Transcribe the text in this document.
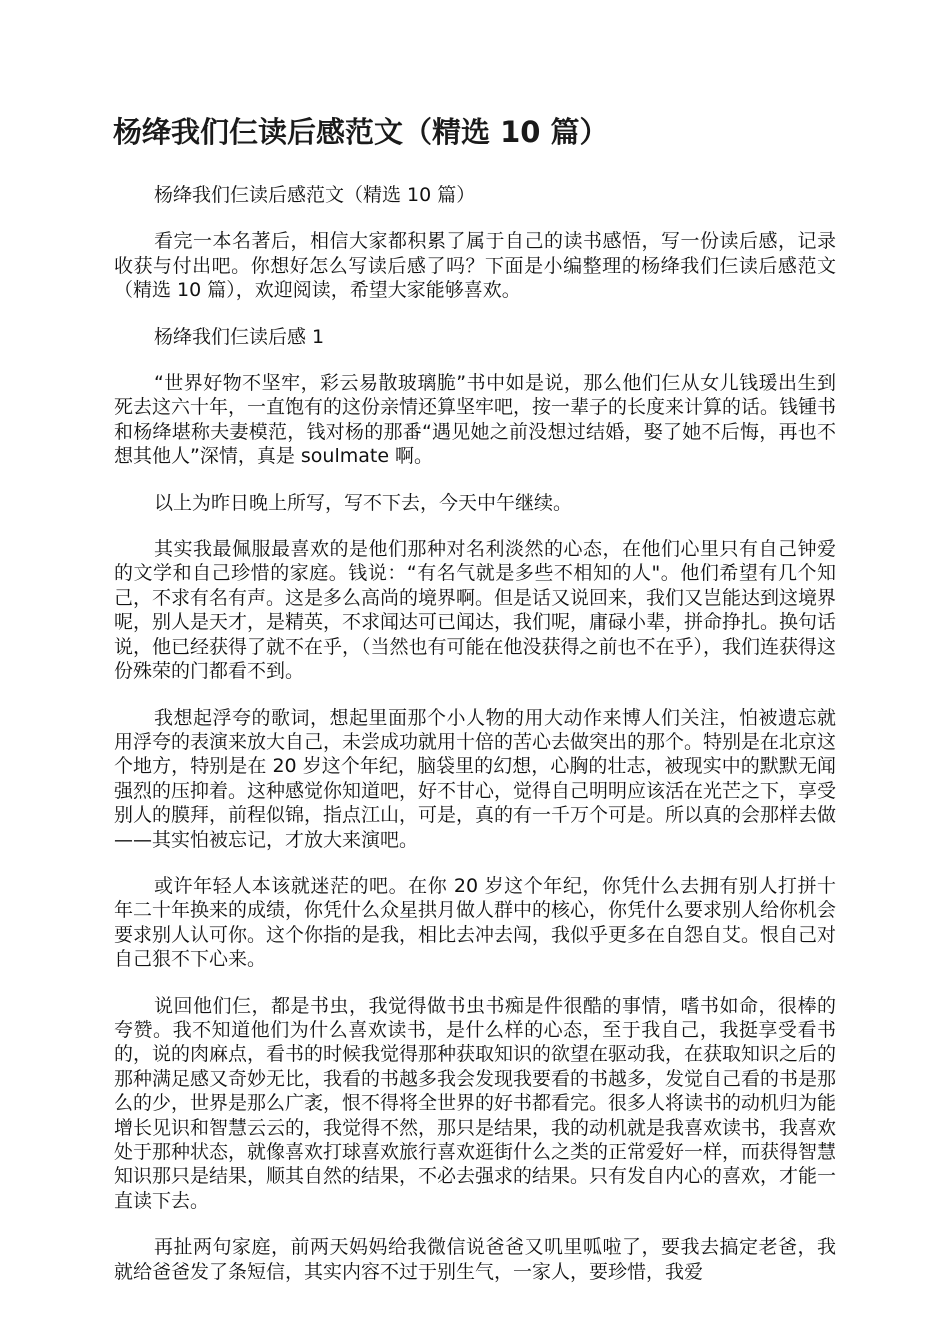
杨绛我们仨读后感范文（精选 10 篇）

杨绛我们仨读后感范文（精选 10 篇）

看完一本名著后，相信大家都积累了属于自己的读书感悟，写一份读后感，记录收获与付出吧。你想好怎么写读后感了吗？下面是小编整理的杨绛我们仨读后感范文（精选 10 篇），欢迎阅读，希望大家能够喜欢。

杨绛我们仨读后感 1

“世界好物不坚牢，彩云易散玻璃脆”书中如是说，那么他们仨从女儿钱瑗出生到死去这六十年，一直饱有的这份亲情还算坚牢吧，按一辈子的长度来计算的话。钱锺书和杨绛堪称夫妻模范，钱对杨的那番“遇见她之前没想过结婚，娶了她不后悔，再也不想其他人”深情，真是 soulmate 啊。

以上为昨日晚上所写，写不下去，今天中午继续。

其实我最佩服最喜欢的是他们那种对名利淡然的心态，在他们心里只有自己钟爱的文学和自己珍惜的家庭。钱说：“有名气就是多些不相知的人"。他们希望有几个知己，不求有名有声。这是多么高尚的境界啊。但是话又说回来，我们又岂能达到这境界呢，别人是天才，是精英，不求闻达可已闻达，我们呢，庸碌小辈，拼命挣扎。换句话说，他已经获得了就不在乎，（当然也有可能在他没获得之前也不在乎），我们连获得这份殊荣的门都看不到。

我想起浮夸的歌词，想起里面那个小人物的用大动作来博人们关注，怕被遗忘就用浮夸的表演来放大自己，未尝成功就用十倍的苦心去做突出的那个。特别是在北京这个地方，特别是在 20 岁这个年纪，脑袋里的幻想，心胸的壮志，被现实中的默默无闻强烈的压抑着。这种感觉你知道吧，好不甘心，觉得自己明明应该活在光芒之下，享受别人的膜拜，前程似锦，指点江山，可是，真的有一千万个可是。所以真的会那样去做——其实怕被忘记，才放大来演吧。

或许年轻人本该就迷茫的吧。在你 20 岁这个年纪，你凭什么去拥有别人打拼十年二十年换来的成绩，你凭什么众星拱月做人群中的核心，你凭什么要求别人给你机会要求别人认可你。这个你指的是我，相比去冲去闯，我似乎更多在自怨自艾。恨自己对自己狠不下心来。

说回他们仨，都是书虫，我觉得做书虫书痴是件很酷的事情，嗜书如命，很棒的夸赞。我不知道他们为什么喜欢读书，是什么样的心态，至于我自己，我挺享受看书的，说的肉麻点，看书的时候我觉得那种获取知识的欲望在驱动我，在获取知识之后的那种满足感又奇妙无比，我看的书越多我会发现我要看的书越多，发觉自己看的书是那么的少，世界是那么广袤，恨不得将全世界的好书都看完。很多人将读书的动机归为能增长见识和智慧云云的，我觉得不然，那只是结果，我的动机就是我喜欢读书，我喜欢处于那种状态，就像喜欢打球喜欢旅行喜欢逛街什么之类的正常爱好一样，而获得智慧知识那只是结果，顺其自然的结果，不必去强求的结果。只有发自内心的喜欢，才能一直读下去。

再扯两句家庭，前两天妈妈给我微信说爸爸又叽里呱啦了，要我去搞定老爸，我就给爸爸发了条短信，其实内容不过于别生气，一家人，要珍惜，我爱
